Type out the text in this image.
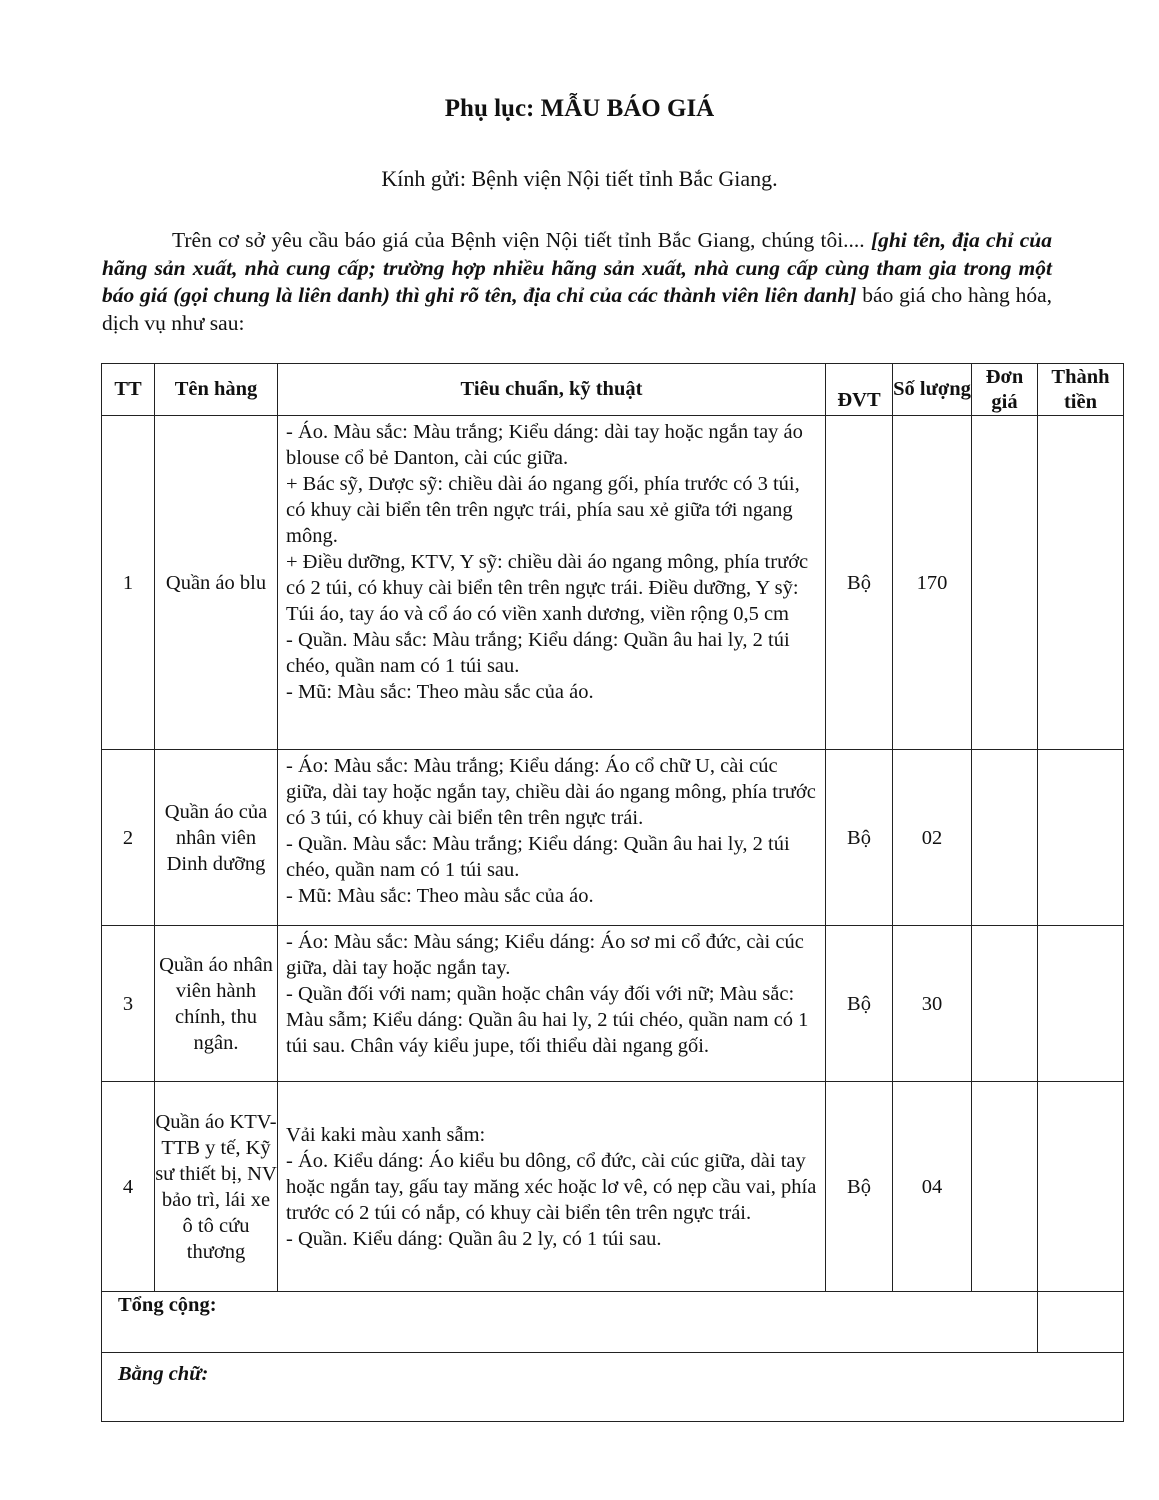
Phụ lục: MẪU BÁO GIÁ
Kính gửi: Bệnh viện Nội tiết tỉnh Bắc Giang.
Trên cơ sở yêu cầu báo giá của Bệnh viện Nội tiết tỉnh Bắc Giang, chúng tôi.... [ghi tên, địa chỉ của hãng sản xuất, nhà cung cấp; trường hợp nhiều hãng sản xuất, nhà cung cấp cùng tham gia trong một báo giá (gọi chung là liên danh) thì ghi rõ tên, địa chỉ của các thành viên liên danh] báo giá cho hàng hóa, dịch vụ như sau:
TT	Tên hàng	Tiêu chuẩn, kỹ thuật	ĐVT	Số lượng	Đơn giá	Thành tiền
1	Quần áo blu	- Áo. Màu sắc: Màu trắng; Kiểu dáng: dài tay hoặc ngắn tay áo blouse cổ bẻ Danton, cài cúc giữa.
+ Bác sỹ, Dược sỹ: chiều dài áo ngang gối, phía trước có 3 túi, có khuy cài biển tên trên ngực trái, phía sau xẻ giữa tới ngang mông.
+ Điều dưỡng, KTV, Y sỹ: chiều dài áo ngang mông, phía trước có 2 túi, có khuy cài biển tên trên ngực trái. Điều dưỡng, Y sỹ: Túi áo, tay áo và cổ áo có viền xanh dương, viền rộng 0,5 cm
- Quần. Màu sắc: Màu trắng; Kiểu dáng: Quần âu hai ly, 2 túi chéo, quần nam có 1 túi sau.
- Mũ: Màu sắc: Theo màu sắc của áo.	Bộ	170		
2	Quần áo của nhân viên Dinh dưỡng	- Áo: Màu sắc: Màu trắng; Kiểu dáng: Áo cổ chữ U, cài cúc giữa, dài tay hoặc ngắn tay, chiều dài áo ngang mông, phía trước có 3 túi, có khuy cài biển tên trên ngực trái.
- Quần. Màu sắc: Màu trắng; Kiểu dáng: Quần âu hai ly, 2 túi chéo, quần nam có 1 túi sau.
- Mũ: Màu sắc: Theo màu sắc của áo.	Bộ	02		
3	Quần áo nhân viên hành chính, thu ngân.	- Áo: Màu sắc: Màu sáng; Kiểu dáng: Áo sơ mi cổ đức, cài cúc giữa, dài tay hoặc ngắn tay.
- Quần đối với nam; quần hoặc chân váy đối với nữ; Màu sắc: Màu sẫm; Kiểu dáng: Quần âu hai ly, 2 túi chéo, quần nam có 1 túi sau. Chân váy kiểu jupe, tối thiểu dài ngang gối.	Bộ	30		
4	Quần áo KTV-TTB y tế, Kỹ sư thiết bị, NV bảo trì, lái xe ô tô cứu thương	Vải kaki màu xanh sẫm:
- Áo. Kiểu dáng: Áo kiểu bu dông, cổ đức, cài cúc giữa, dài tay hoặc ngắn tay, gấu tay măng xéc hoặc lơ vê, có nẹp cầu vai, phía trước có 2 túi có nắp, có khuy cài biển tên trên ngực trái.
- Quần. Kiểu dáng: Quần âu 2 ly, có 1 túi sau.	Bộ	04		
Tổng cộng:						
Bằng chữ:						
